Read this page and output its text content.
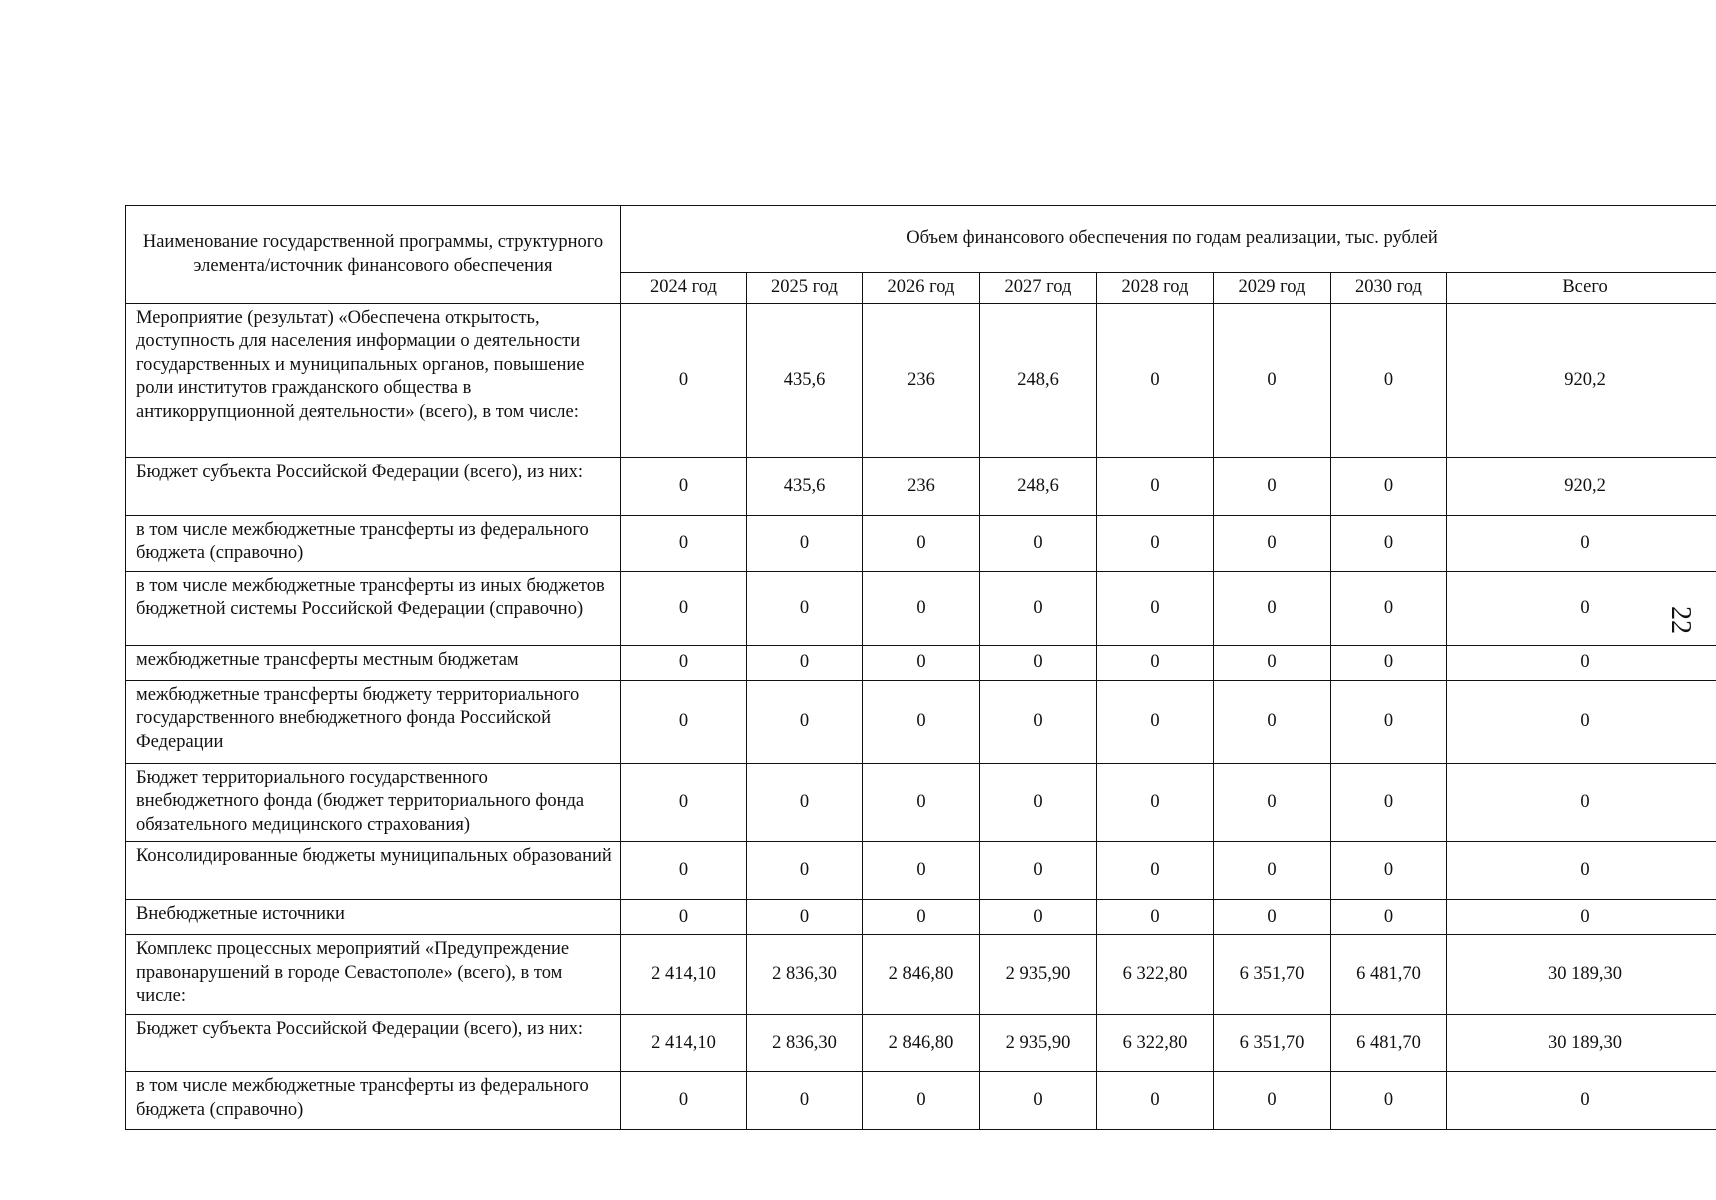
Наименование государственной программы, структурного элемента/источник финансового обеспечения	Объем финансового обеспечения по годам реализации, тыс. рублей							
	2024 год	2025 год	2026 год	2027 год	2028 год	2029 год	2030 год	Всего
Мероприятие (результат) «Обеспечена открытость, доступность для населения информации о деятельности государственных и муниципальных органов, повышение роли институтов гражданского общества в антикоррупционной деятельности» (всего), в том числе:	0	435,6	236	248,6	0	0	0	920,2
Бюджет субъекта Российской Федерации (всего), из них:	0	435,6	236	248,6	0	0	0	920,2
в том числе межбюджетные трансферты из федерального бюджета (справочно)	0	0	0	0	0	0	0	0
в том числе межбюджетные трансферты из иных бюджетов бюджетной системы Российской Федерации (справочно)	0	0	0	0	0	0	0	0
межбюджетные трансферты местным бюджетам	0	0	0	0	0	0	0	0
межбюджетные трансферты бюджету территориального государственного внебюджетного фонда Российской Федерации	0	0	0	0	0	0	0	0
Бюджет территориального государственного внебюджетного фонда (бюджет территориального фонда обязательного медицинского страхования)	0	0	0	0	0	0	0	0
Консолидированные бюджеты муниципальных образований	0	0	0	0	0	0	0	0
Внебюджетные источники	0	0	0	0	0	0	0	0
Комплекс процессных мероприятий «Предупреждение правонарушений в городе Севастополе» (всего), в том числе:	2 414,10	2 836,30	2 846,80	2 935,90	6 322,80	6 351,70	6 481,70	30 189,30
Бюджет субъекта Российской Федерации (всего), из них:	2 414,10	2 836,30	2 846,80	2 935,90	6 322,80	6 351,70	6 481,70	30 189,30
в том числе межбюджетные трансферты из федерального бюджета (справочно)	0	0	0	0	0	0	0	0
22
